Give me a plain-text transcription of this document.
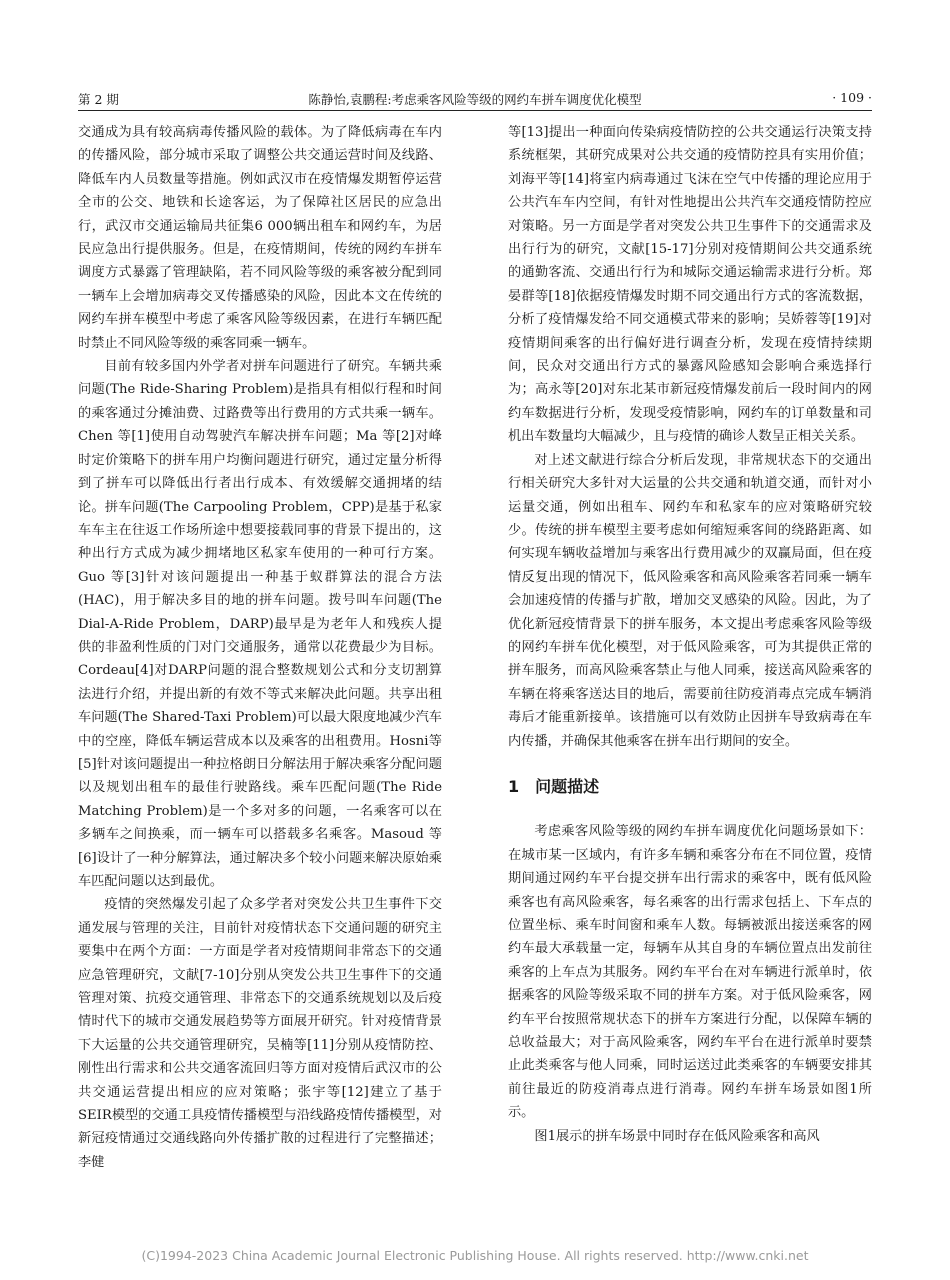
第 2 期	陈静怡,袁鹏程:考虑乘客风险等级的网约车拼车调度优化模型	· 109 ·

交通成为具有较高病毒传播风险的载体。为了降低病毒在车内的传播风险，部分城市采取了调整公共交通运营时间及线路、降低车内人员数量等措施。例如武汉市在疫情爆发期暂停运营全市的公交、地铁和长途客运，为了保障社区居民的应急出行，武汉市交通运输局共征集6 000辆出租车和网约车，为居民应急出行提供服务。但是，在疫情期间，传统的网约车拼车调度方式暴露了管理缺陷，若不同风险等级的乘客被分配到同一辆车上会增加病毒交叉传播感染的风险，因此本文在传统的网约车拼车模型中考虑了乘客风险等级因素，在进行车辆匹配时禁止不同风险等级的乘客同乘一辆车。

目前有较多国内外学者对拼车问题进行了研究。车辆共乘问题(The Ride-Sharing Problem)是指具有相似行程和时间的乘客通过分摊油费、过路费等出行费用的方式共乘一辆车。Chen 等[1]使用自动驾驶汽车解决拼车问题；Ma 等[2]对峰时定价策略下的拼车用户均衡问题进行研究，通过定量分析得到了拼车可以降低出行者出行成本、有效缓解交通拥堵的结论。拼车问题(The Carpooling Problem，CPP)是基于私家车车主在往返工作场所途中想要接载同事的背景下提出的，这种出行方式成为减少拥堵地区私家车使用的一种可行方案。Guo 等[3]针对该问题提出一种基于蚁群算法的混合方法(HAC)，用于解决多目的地的拼车问题。拨号叫车问题(The Dial-A-Ride Problem，DARP)最早是为老年人和残疾人提供的非盈利性质的门对门交通服务，通常以花费最少为目标。Cordeau[4]对DARP问题的混合整数规划公式和分支切割算法进行介绍，并提出新的有效不等式来解决此问题。共享出租车问题(The Shared-Taxi Problem)可以最大限度地减少汽车中的空座，降低车辆运营成本以及乘客的出租费用。Hosni等[5]针对该问题提出一种拉格朗日分解法用于解决乘客分配问题以及规划出租车的最佳行驶路线。乘车匹配问题(The Ride Matching Problem)是一个多对多的问题，一名乘客可以在多辆车之间换乘，而一辆车可以搭载多名乘客。Masoud 等[6]设计了一种分解算法，通过解决多个较小问题来解决原始乘车匹配问题以达到最优。

疫情的突然爆发引起了众多学者对突发公共卫生事件下交通发展与管理的关注，目前针对疫情状态下交通问题的研究主要集中在两个方面：一方面是学者对疫情期间非常态下的交通应急管理研究，文献[7-10]分别从突发公共卫生事件下的交通管理对策、抗疫交通管理、非常态下的交通系统规划以及后疫情时代下的城市交通发展趋势等方面展开研究。针对疫情背景下大运量的公共交通管理研究，吴楠等[11]分别从疫情防控、刚性出行需求和公共交通客流回归等方面对疫情后武汉市的公共交通运营提出相应的应对策略；张宇等[12]建立了基于SEIR模型的交通工具疫情传播模型与沿线路疫情传播模型，对新冠疫情通过交通线路向外传播扩散的过程进行了完整描述；李健

等[13]提出一种面向传染病疫情防控的公共交通运行决策支持系统框架，其研究成果对公共交通的疫情防控具有实用价值；刘海平等[14]将室内病毒通过飞沫在空气中传播的理论应用于公共汽车车内空间，有针对性地提出公共汽车交通疫情防控应对策略。另一方面是学者对突发公共卫生事件下的交通需求及出行行为的研究，文献[15-17]分别对疫情期间公共交通系统的通勤客流、交通出行行为和城际交通运输需求进行分析。郑晏群等[18]依据疫情爆发时期不同交通出行方式的客流数据，分析了疫情爆发给不同交通模式带来的影响；吴娇蓉等[19]对疫情期间乘客的出行偏好进行调查分析，发现在疫情持续期间，民众对交通出行方式的暴露风险感知会影响合乘选择行为；高永等[20]对东北某市新冠疫情爆发前后一段时间内的网约车数据进行分析，发现受疫情影响，网约车的订单数量和司机出车数量均大幅减少，且与疫情的确诊人数呈正相关关系。

对上述文献进行综合分析后发现，非常规状态下的交通出行相关研究大多针对大运量的公共交通和轨道交通，而针对小运量交通，例如出租车、网约车和私家车的应对策略研究较少。传统的拼车模型主要考虑如何缩短乘客间的绕路距离、如何实现车辆收益增加与乘客出行费用减少的双赢局面，但在疫情反复出现的情况下，低风险乘客和高风险乘客若同乘一辆车会加速疫情的传播与扩散，增加交叉感染的风险。因此，为了优化新冠疫情背景下的拼车服务，本文提出考虑乘客风险等级的网约车拼车优化模型，对于低风险乘客，可为其提供正常的拼车服务，而高风险乘客禁止与他人同乘，接送高风险乘客的车辆在将乘客送达目的地后，需要前往防疫消毒点完成车辆消毒后才能重新接单。该措施可以有效防止因拼车导致病毒在车内传播，并确保其他乘客在拼车出行期间的安全。

1 问题描述

考虑乘客风险等级的网约车拼车调度优化问题场景如下：在城市某一区域内，有许多车辆和乘客分布在不同位置，疫情期间通过网约车平台提交拼车出行需求的乘客中，既有低风险乘客也有高风险乘客，每名乘客的出行需求包括上、下车点的位置坐标、乘车时间窗和乘车人数。每辆被派出接送乘客的网约车最大承载量一定，每辆车从其自身的车辆位置点出发前往乘客的上车点为其服务。网约车平台在对车辆进行派单时，依据乘客的风险等级采取不同的拼车方案。对于低风险乘客，网约车平台按照常规状态下的拼车方案进行分配，以保障车辆的总收益最大；对于高风险乘客，网约车平台在进行派单时要禁止此类乘客与他人同乘，同时运送过此类乘客的车辆要安排其前往最近的防疫消毒点进行消毒。网约车拼车场景如图1所示。

图1展示的拼车场景中同时存在低风险乘客和高风

(C)1994-2023 China Academic Journal Electronic Publishing House. All rights reserved. http://www.cnki.net
